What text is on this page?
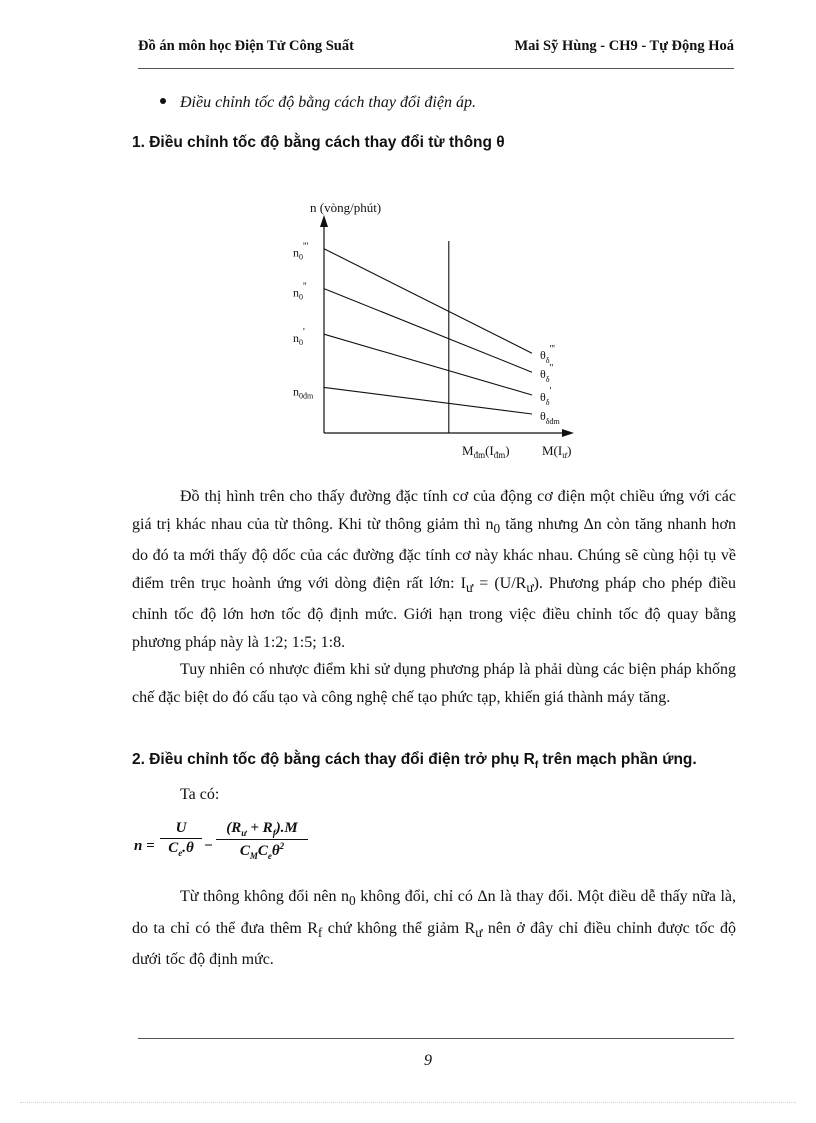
Đồ án môn học Điện Tử Công Suất	Mai Sỹ Hùng - CH9 - Tự Động Hoá
Điều chỉnh tốc độ bằng cách thay đổi điện áp.
1. Điều chỉnh tốc độ bằng cách thay đổi từ thông θ
n (vòng/phút)
$M(I_ư)$
$M_{đm}(I_{đm})$
$n_0'''$
$\theta_\delta'''$
$n_0''$
$\theta_\delta''$
$n_0'$
$\theta_\delta'$
$n_{0đm}$
$\theta_{\delta đm}$

Đồ thị hình trên cho thấy đường đặc tính cơ của động cơ điện một chiều ứng với các giá trị khác nhau của từ thông. Khi từ thông giảm thì $n_0$ tăng nhưng Δn còn tăng nhanh hơn do đó ta mới thấy độ dốc của các đường đặc tính cơ này khác nhau. Chúng sẽ cùng hội tụ về điểm trên trục hoành ứng với dòng điện rất lớn: $I_ư = (U/R_ư)$. Phương pháp cho phép điều chỉnh tốc độ lớn hơn tốc độ định mức. Giới hạn trong việc điều chỉnh tốc độ quay bằng phương pháp này là 1:2; 1:5; 1:8.

Tuy nhiên có nhược điểm khi sử dụng phương pháp là phải dùng các biện pháp khống chế đặc biệt do đó cấu tạo và công nghệ chế tạo phức tạp, khiến giá thành máy tăng.

2. Điều chỉnh tốc độ bằng cách thay đổi điện trở phụ $R_f$ trên mạch phần ứng.
Ta có:
n =
U
$C_e.\theta$ −
$(R_ư + R_f).M$
$C_MC_e\theta^2$

Từ thông không đổi nên $n_0$ không đổi, chỉ có Δn là thay đổi. Một điều dễ thấy nữa là, do ta chỉ có thể đưa thêm $R_f$ chứ không thể giảm $R_ư$ nên ở đây chỉ điều chỉnh được tốc độ dưới tốc độ định mức.

9
